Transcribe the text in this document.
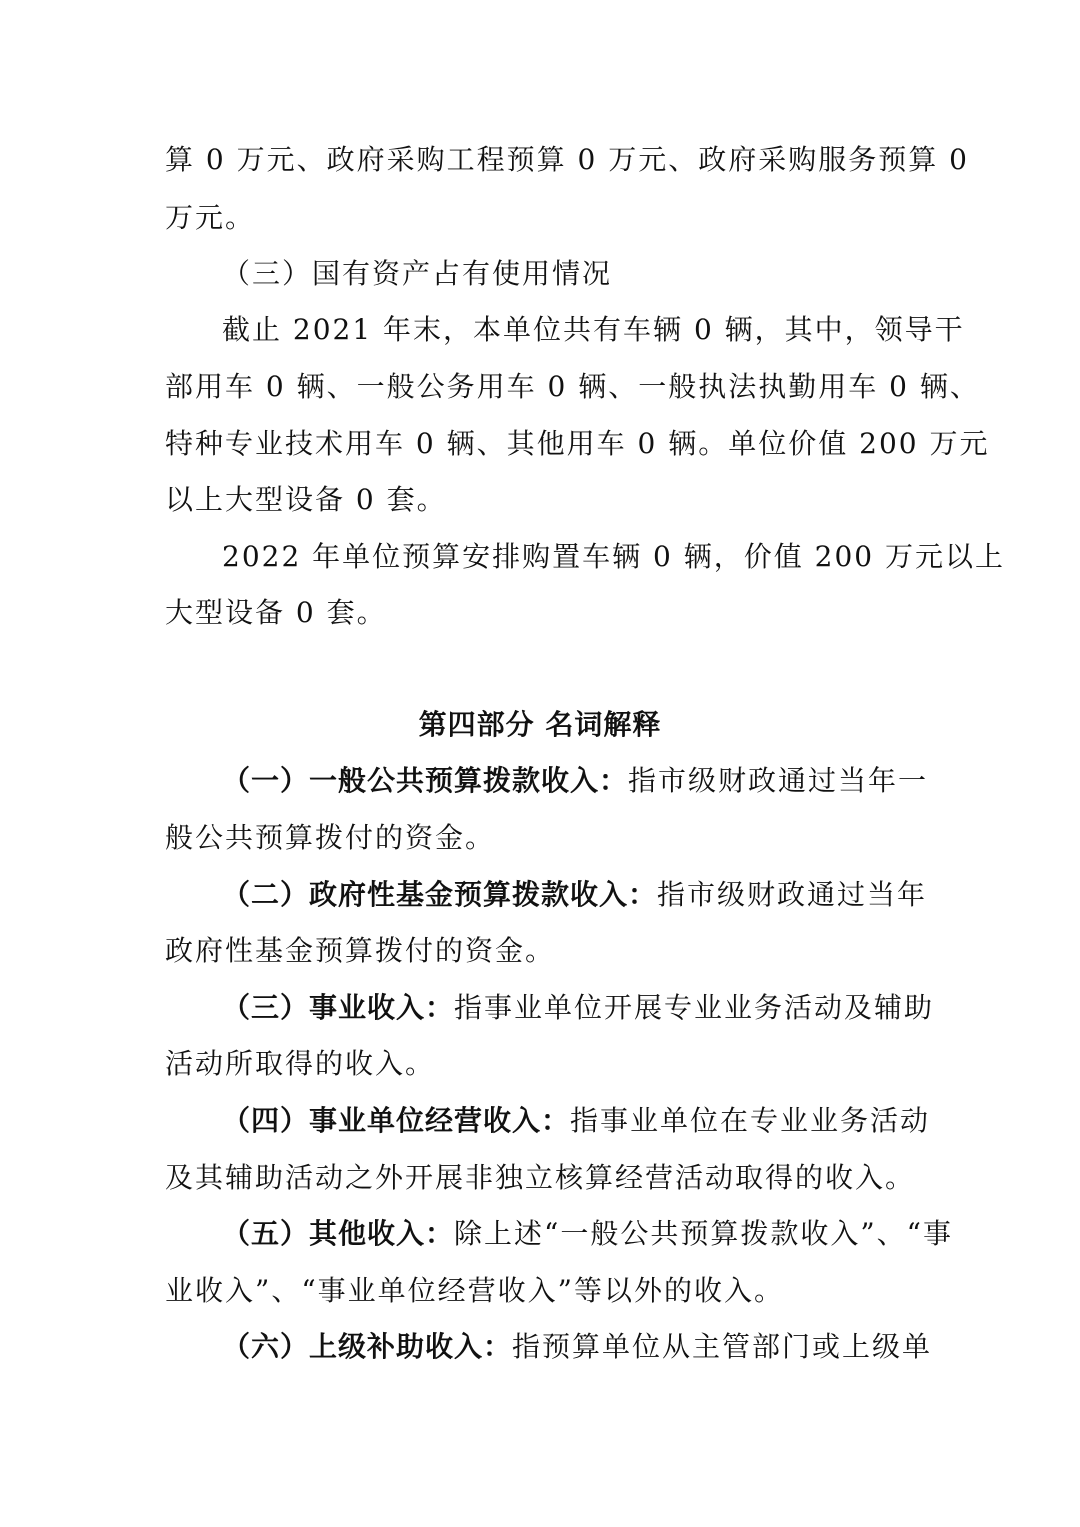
算 0 万元、政府采购工程预算 0 万元、政府采购服务预算 0
万元。
（三）国有资产占有使用情况
截止 2021 年末，本单位共有车辆 0 辆，其中，领导干
部用车 0 辆、一般公务用车 0 辆、一般执法执勤用车 0 辆、
特种专业技术用车 0 辆、其他用车 0 辆。单位价值 200 万元
以上大型设备 0 套。
2022 年单位预算安排购置车辆 0 辆，价值 200 万元以上
大型设备 0 套。
第四部分 名词解释
（一）一般公共预算拨款收入：指市级财政通过当年一
般公共预算拨付的资金。
（二）政府性基金预算拨款收入：指市级财政通过当年
政府性基金预算拨付的资金。
（三）事业收入：指事业单位开展专业业务活动及辅助
活动所取得的收入。
（四）事业单位经营收入：指事业单位在专业业务活动
及其辅助活动之外开展非独立核算经营活动取得的收入。
（五）其他收入：除上述“一般公共预算拨款收入”、“事
业收入”、“事业单位经营收入”等以外的收入。
（六）上级补助收入：指预算单位从主管部门或上级单
